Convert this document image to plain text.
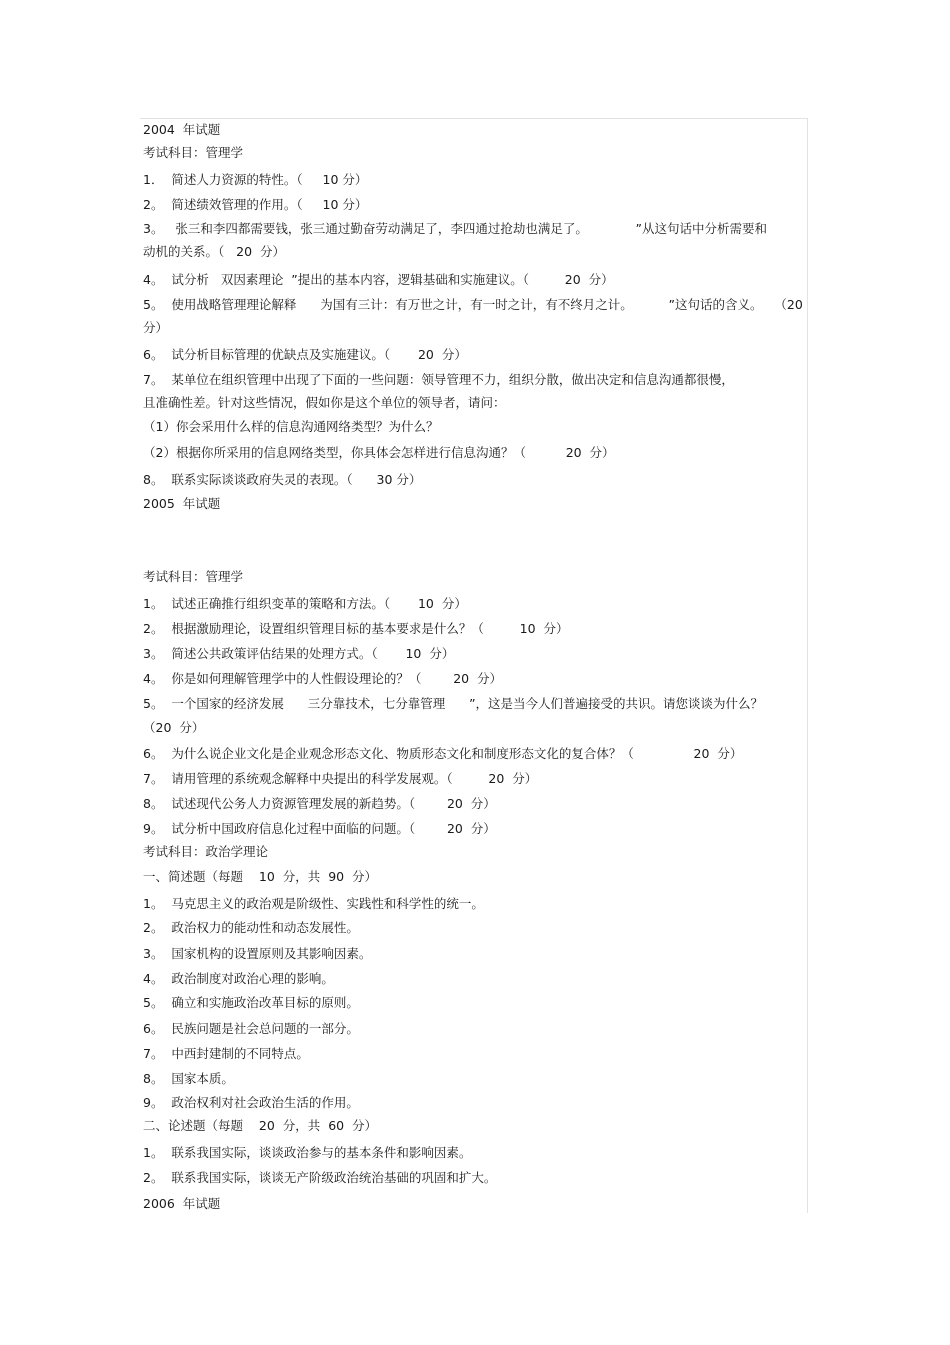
2004  年试题
考试科目：管理学
1．  简述人力资源的特性。（     10 分）
2。  简述绩效管理的作用。（     10 分）
3。   张三和李四都需要钱，张三通过勤奋劳动满足了，李四通过抢劫也满足了。            ”从这句话中分析需要和
动机的关系。（   20  分）
4。  试分析   双因素理论  ”提出的基本内容，逻辑基础和实施建议。（         20  分）
5。  使用战略管理理论解释      为国有三计：有万世之计，有一时之计，有不终月之计。         ”这句话的含义。   （20
分）
6。  试分析目标管理的优缺点及实施建议。（       20  分）
7。  某单位在组织管理中出现了下面的一些问题：领导管理不力，组织分散，做出决定和信息沟通都很慢，
且准确性差。针对这些情况，假如你是这个单位的领导者，请问：
（1）你会采用什么样的信息沟通网络类型？为什么？
（2）根据你所采用的信息网络类型，你具体会怎样进行信息沟通？（          20  分）
8。  联系实际谈谈政府失灵的表现。（      30 分）
2005  年试题
考试科目：管理学
1。  试述正确推行组织变革的策略和方法。（       10  分）
2。  根据激励理论，设置组织管理目标的基本要求是什么？（         10  分）
3。  简述公共政策评估结果的处理方式。（       10  分）
4。  你是如何理解管理学中的人性假设理论的？（        20  分）
5。  一个国家的经济发展      三分靠技术，七分靠管理      ”，这是当今人们普遍接受的共识。请您谈谈为什么？
（20  分）
6。  为什么说企业文化是企业观念形态文化、物质形态文化和制度形态文化的复合体？（               20  分）
7。  请用管理的系统观念解释中央提出的科学发展观。（         20  分）
8。  试述现代公务人力资源管理发展的新趋势。（        20  分）
9。  试分析中国政府信息化过程中面临的问题。（        20  分）
考试科目：政治学理论
一、简述题（每题    10  分，共  90  分）
1。  马克思主义的政治观是阶级性、实践性和科学性的统一。
2。  政治权力的能动性和动态发展性。
3。  国家机构的设置原则及其影响因素。
4。  政治制度对政治心理的影响。
5。  确立和实施政治改革目标的原则。
6。  民族问题是社会总问题的一部分。
7。  中西封建制的不同特点。
8。  国家本质。
9。  政治权利对社会政治生活的作用。
二、论述题（每题    20  分，共  60  分）
1。  联系我国实际，谈谈政治参与的基本条件和影响因素。
2。  联系我国实际，谈谈无产阶级政治统治基础的巩固和扩大。
2006  年试题
